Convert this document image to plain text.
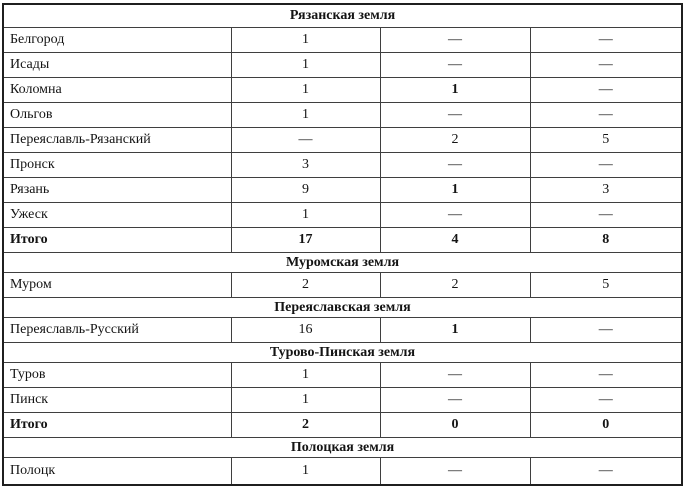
Рязанская земля			
Белгород	1	—	—
Исады	1	—	—
Коломна	1	1	—
Ольгов	1	—	—
Переяславль-Рязанский	—	2	5
Пронск	3	—	—
Рязань	9	1	3
Ужеск	1	—	—
Итого	17	4	8
Муромская земля			
Муром	2	2	5
Переяславская земля			
Переяславль-Русский	16	1	—
Турово-Пинская земля			
Туров	1	—	—
Пинск	1	—	—
Итого	2	0	0
Полоцкая земля			
Полоцк	1	—	—
